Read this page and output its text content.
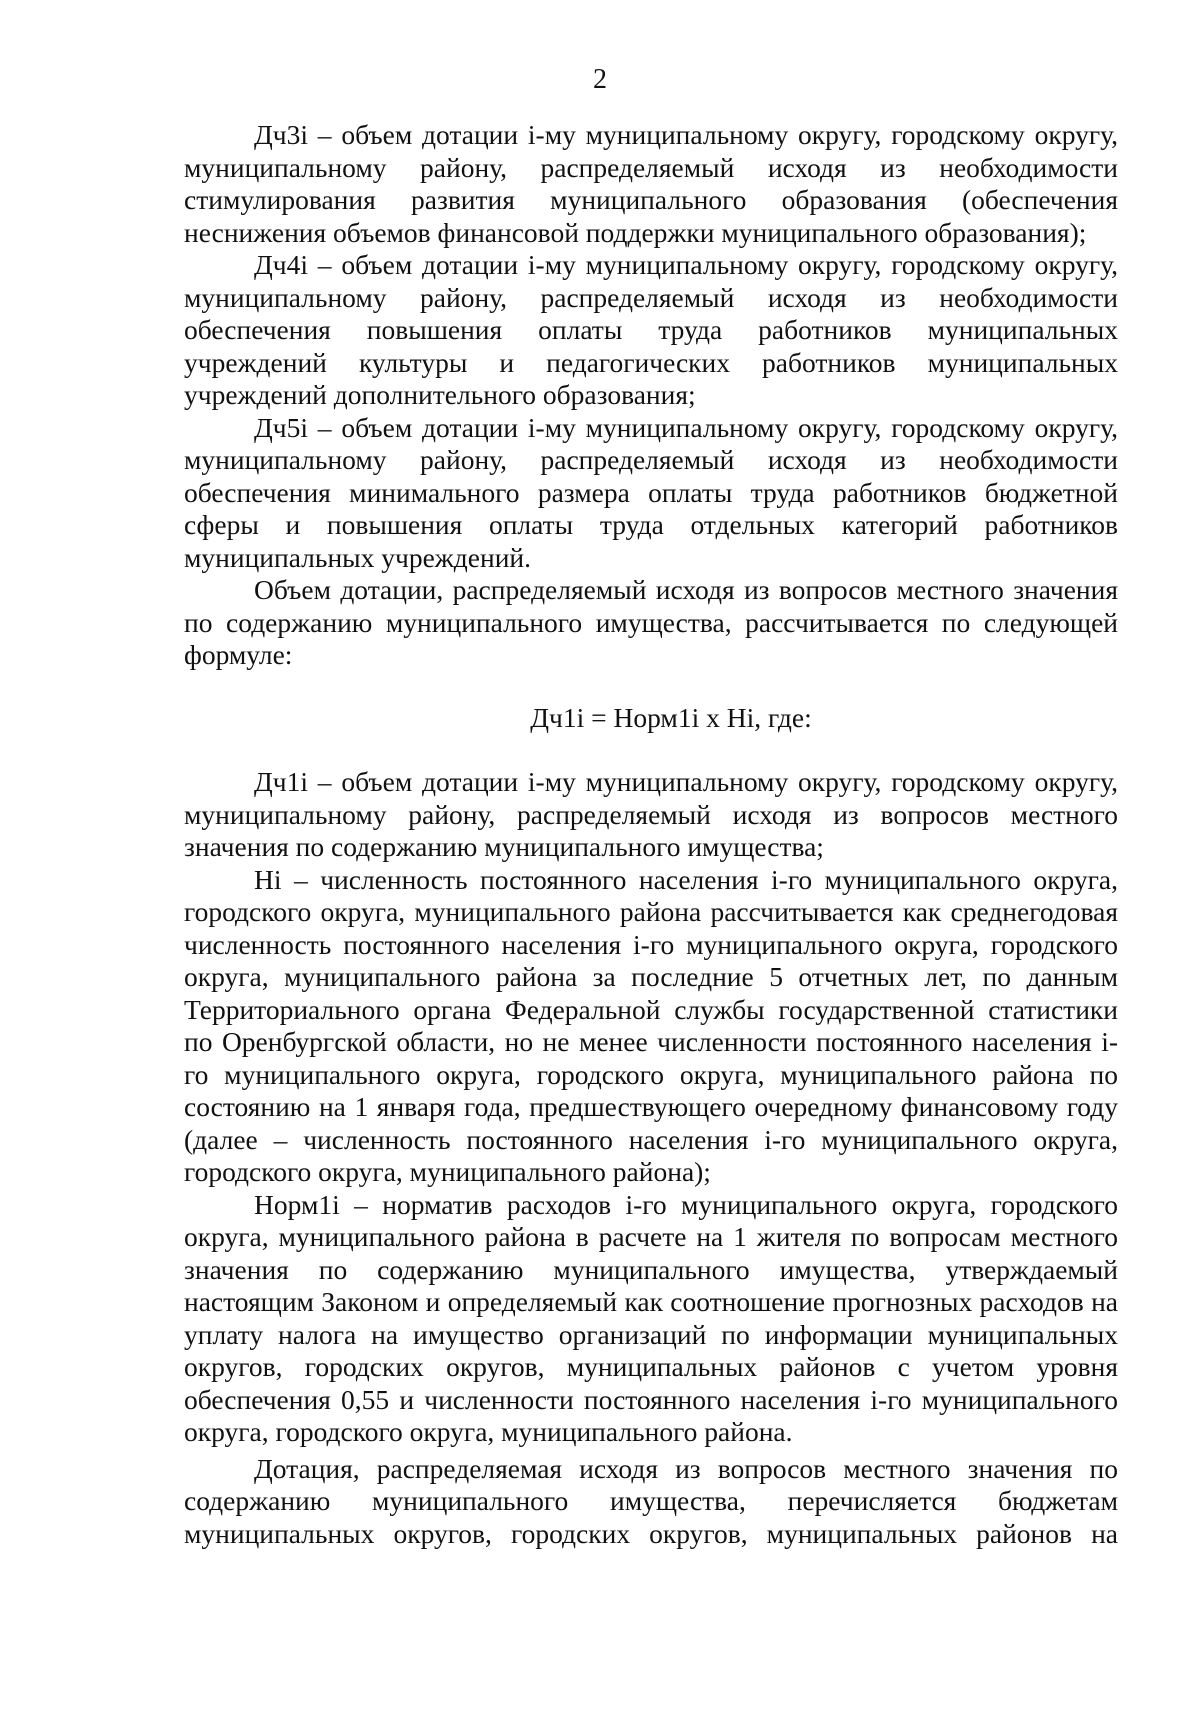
2

Дч3i – объем дотации i-му муниципальному округу, городскому округу, муниципальному району, распределяемый исходя из необходимости стимулирования развития муниципального образования (обеспечения неснижения объемов финансовой поддержки муниципального образования);

Дч4i – объем дотации i-му муниципальному округу, городскому округу, муниципальному району, распределяемый исходя из необходимости обеспечения повышения оплаты труда работников муниципальных учреждений культуры и педагогических работников муниципальных учреждений дополнительного образования;

Дч5i – объем дотации i-му муниципальному округу, городскому округу, муниципальному району, распределяемый исходя из необходимости обеспечения минимального размера оплаты труда работников бюджетной сферы и повышения оплаты труда отдельных категорий работников муниципальных учреждений.

Объем дотации, распределяемый исходя из вопросов местного значения по содержанию муниципального имущества, рассчитывается по следующей формуле:

Дч1i = Норм1i х Нi, где:

Дч1i – объем дотации i-му муниципальному округу, городскому округу, муниципальному району, распределяемый исходя из вопросов местного значения по содержанию муниципального имущества;

Нi – численность постоянного населения i-го муниципального округа, городского округа, муниципального района рассчитывается как среднегодовая численность постоянного населения i-го муниципального округа, городского округа, муниципального района за последние 5 отчетных лет, по данным Территориального органа Федеральной службы государственной статистики по Оренбургской области, но не менее численности постоянного населения i-го муниципального округа, городского округа, муниципального района по состоянию на 1 января года, предшествующего очередному финансовому году (далее – численность постоянного населения i-го муниципального округа, городского округа, муниципального района);

Норм1i – норматив расходов i-го муниципального округа, городского округа, муниципального района в расчете на 1 жителя по вопросам местного значения по содержанию муниципального имущества, утверждаемый настоящим Законом и определяемый как соотношение прогнозных расходов на уплату налога на имущество организаций по информации муниципальных округов, городских округов, муниципальных районов с учетом уровня обеспечения 0,55 и численности постоянного населения i-го муниципального округа, городского округа, муниципального района.

Дотация, распределяемая исходя из вопросов местного значения по содержанию муниципального имущества, перечисляется бюджетам муниципальных округов, городских округов, муниципальных районов на
